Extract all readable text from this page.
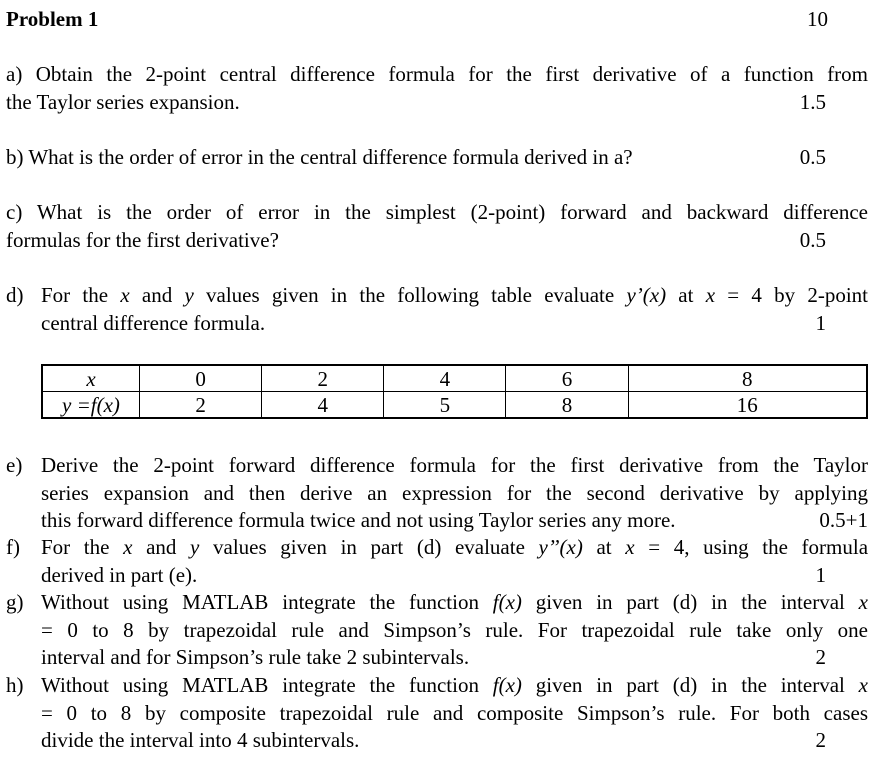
Problem 1	10
a) Obtain the 2-point central difference formula for the first derivative of a function from
the Taylor series expansion.	1.5
b) What is the order of error in the central difference formula derived in a?	0.5
c) What is the order of error in the simplest (2-point) forward and backward difference
formulas for the first derivative?	0.5
d) For the x and y values given in the following table evaluate y’(x) at x = 4 by 2-point
central difference formula.	1
x	0	2	4	6	8
y =f(x)	2	4	5	8	16
e) Derive the 2-point forward difference formula for the first derivative from the Taylor
series expansion and then derive an expression for the second derivative by applying
this forward difference formula twice and not using Taylor series any more.	0.5+1
f) For the x and y values given in part (d) evaluate y’’(x) at x = 4, using the formula
derived in part (e).	1
g) Without using MATLAB integrate the function f(x) given in part (d) in the interval x
= 0 to 8 by trapezoidal rule and Simpson’s rule. For trapezoidal rule take only one
interval and for Simpson’s rule take 2 subintervals.	2
h) Without using MATLAB integrate the function f(x) given in part (d) in the interval x
= 0 to 8 by composite trapezoidal rule and composite Simpson’s rule. For both cases
divide the interval into 4 subintervals.	2
